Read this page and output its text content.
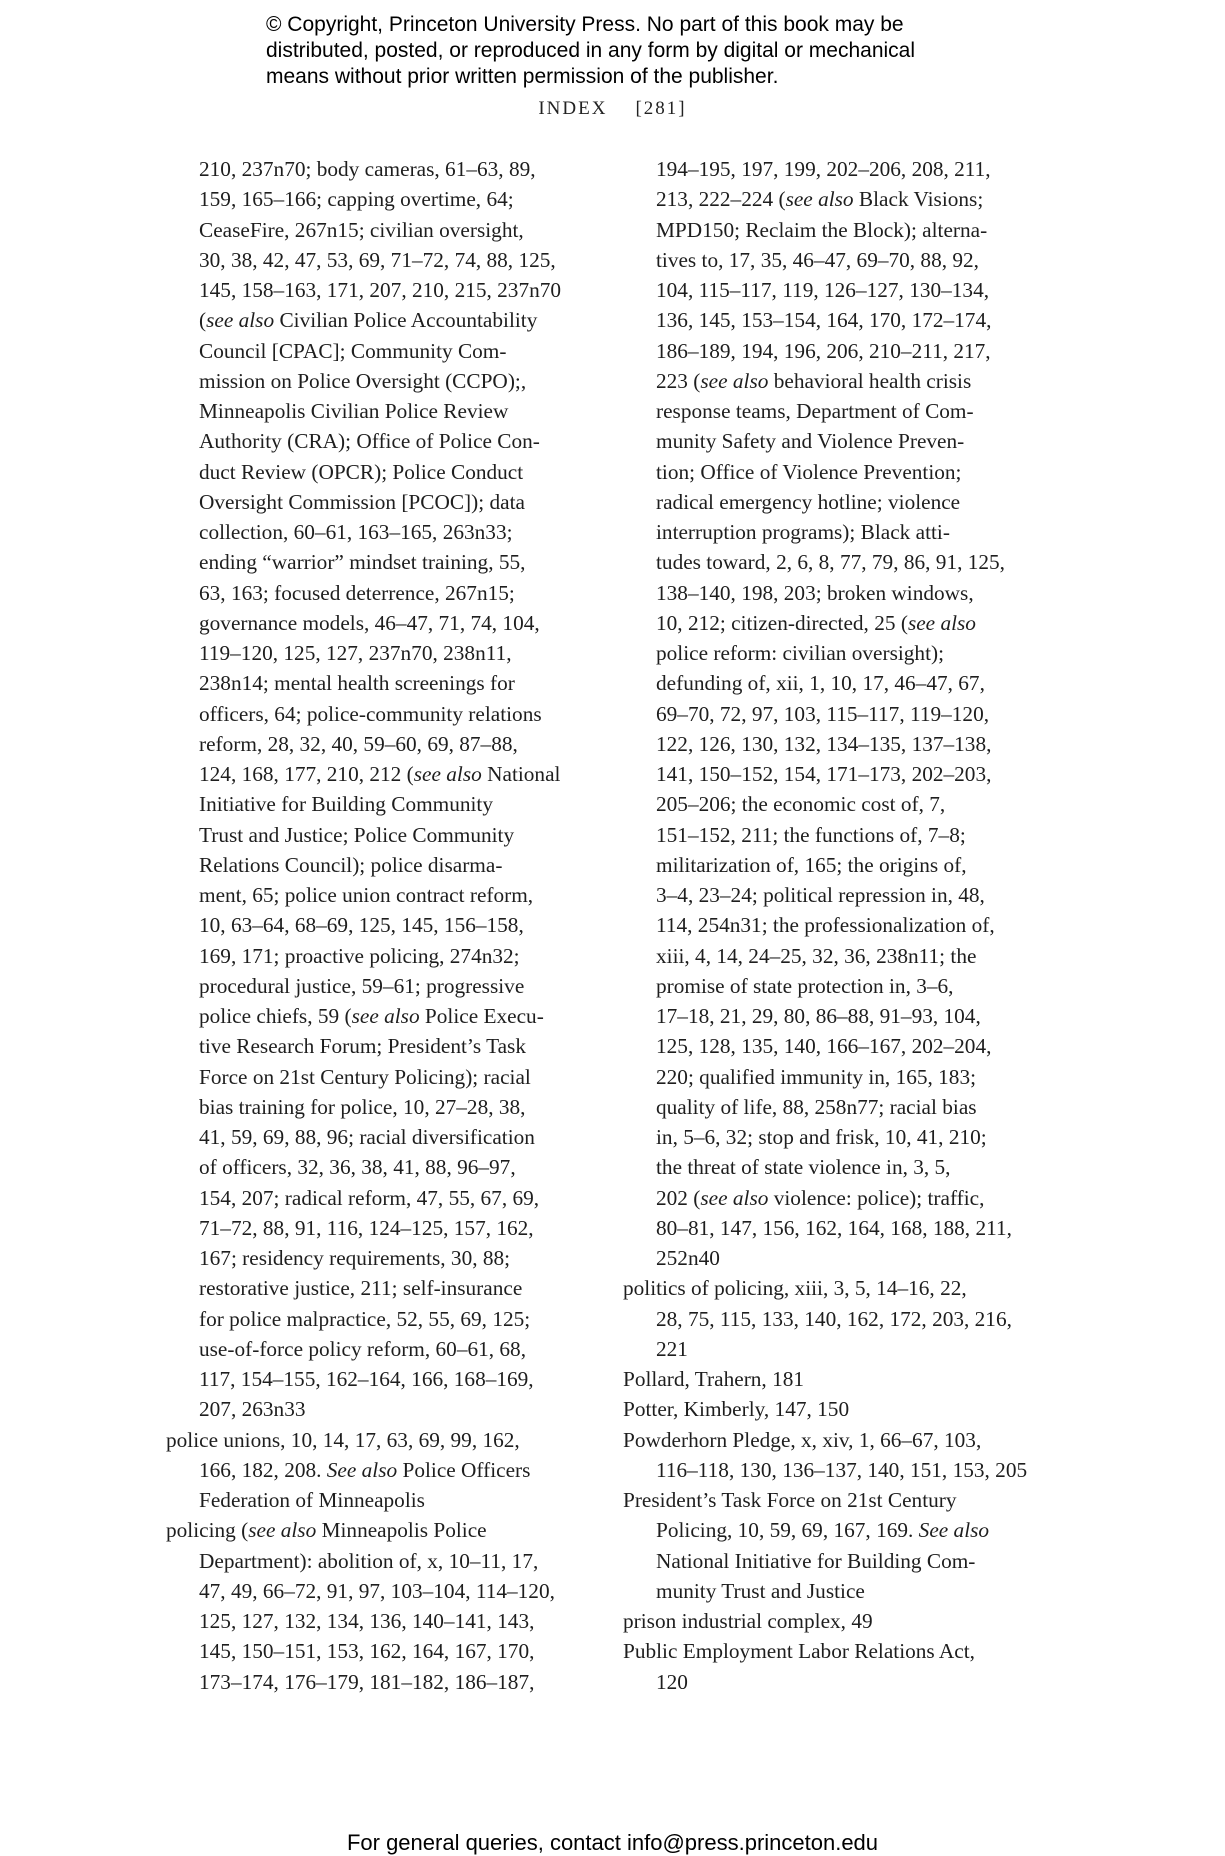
© Copyright, Princeton University Press. No part of this book may be
distributed, posted, or reproduced in any form by digital or mechanical
means without prior written permission of the publisher.
INDEX [281]
210, 237n70; body cameras, 61–63, 89,
159, 165–166; capping overtime, 64;
CeaseFire, 267n15; civilian oversight,
30, 38, 42, 47, 53, 69, 71–72, 74, 88, 125,
145, 158–163, 171, 207, 210, 215, 237n70
(see also Civilian Police Accountability
Council [CPAC]; Community Com-
mission on Police Oversight (CCPO);,
Minneapolis Civilian Police Review
Authority (CRA); Office of Police Con-
duct Review (OPCR); Police Conduct
Oversight Commission [PCOC]); data
collection, 60–61, 163–165, 263n33;
ending “warrior” mindset training, 55,
63, 163; focused deterrence, 267n15;
governance models, 46–47, 71, 74, 104,
119–120, 125, 127, 237n70, 238n11,
238n14; mental health screenings for
officers, 64; police-community relations
reform, 28, 32, 40, 59–60, 69, 87–88,
124, 168, 177, 210, 212 (see also National
Initiative for Building Community
Trust and Justice; Police Community
Relations Council); police disarma-
ment, 65; police union contract reform,
10, 63–64, 68–69, 125, 145, 156–158,
169, 171; proactive policing, 274n32;
procedural justice, 59–61; progressive
police chiefs, 59 (see also Police Execu-
tive Research Forum; President’s Task
Force on 21st Century Policing); racial
bias training for police, 10, 27–28, 38,
41, 59, 69, 88, 96; racial diversification
of officers, 32, 36, 38, 41, 88, 96–97,
154, 207; radical reform, 47, 55, 67, 69,
71–72, 88, 91, 116, 124–125, 157, 162,
167; residency requirements, 30, 88;
restorative justice, 211; self-insurance
for police malpractice, 52, 55, 69, 125;
use-of-force policy reform, 60–61, 68,
117, 154–155, 162–164, 166, 168–169,
207, 263n33
police unions, 10, 14, 17, 63, 69, 99, 162,
166, 182, 208. See also Police Officers
Federation of Minneapolis
policing (see also Minneapolis Police
Department): abolition of, x, 10–11, 17,
47, 49, 66–72, 91, 97, 103–104, 114–120,
125, 127, 132, 134, 136, 140–141, 143,
145, 150–151, 153, 162, 164, 167, 170,
173–174, 176–179, 181–182, 186–187,
194–195, 197, 199, 202–206, 208, 211,
213, 222–224 (see also Black Visions;
MPD150; Reclaim the Block); alterna-
tives to, 17, 35, 46–47, 69–70, 88, 92,
104, 115–117, 119, 126–127, 130–134,
136, 145, 153–154, 164, 170, 172–174,
186–189, 194, 196, 206, 210–211, 217,
223 (see also behavioral health crisis
response teams, Department of Com-
munity Safety and Violence Preven-
tion; Office of Violence Prevention;
radical emergency hotline; violence
interruption programs); Black atti-
tudes toward, 2, 6, 8, 77, 79, 86, 91, 125,
138–140, 198, 203; broken windows,
10, 212; citizen-directed, 25 (see also
police reform: civilian oversight);
defunding of, xii, 1, 10, 17, 46–47, 67,
69–70, 72, 97, 103, 115–117, 119–120,
122, 126, 130, 132, 134–135, 137–138,
141, 150–152, 154, 171–173, 202–203,
205–206; the economic cost of, 7,
151–152, 211; the functions of, 7–8;
militarization of, 165; the origins of,
3–4, 23–24; political repression in, 48,
114, 254n31; the professionalization of,
xiii, 4, 14, 24–25, 32, 36, 238n11; the
promise of state protection in, 3–6,
17–18, 21, 29, 80, 86–88, 91–93, 104,
125, 128, 135, 140, 166–167, 202–204,
220; qualified immunity in, 165, 183;
quality of life, 88, 258n77; racial bias
in, 5–6, 32; stop and frisk, 10, 41, 210;
the threat of state violence in, 3, 5,
202 (see also violence: police); traffic,
80–81, 147, 156, 162, 164, 168, 188, 211,
252n40
politics of policing, xiii, 3, 5, 14–16, 22,
28, 75, 115, 133, 140, 162, 172, 203, 216,
221
Pollard, Trahern, 181
Potter, Kimberly, 147, 150
Powderhorn Pledge, x, xiv, 1, 66–67, 103,
116–118, 130, 136–137, 140, 151, 153, 205
President’s Task Force on 21st Century
Policing, 10, 59, 69, 167, 169. See also
National Initiative for Building Com-
munity Trust and Justice
prison industrial complex, 49
Public Employment Labor Relations Act,
120
For general queries, contact info@press.princeton.edu
